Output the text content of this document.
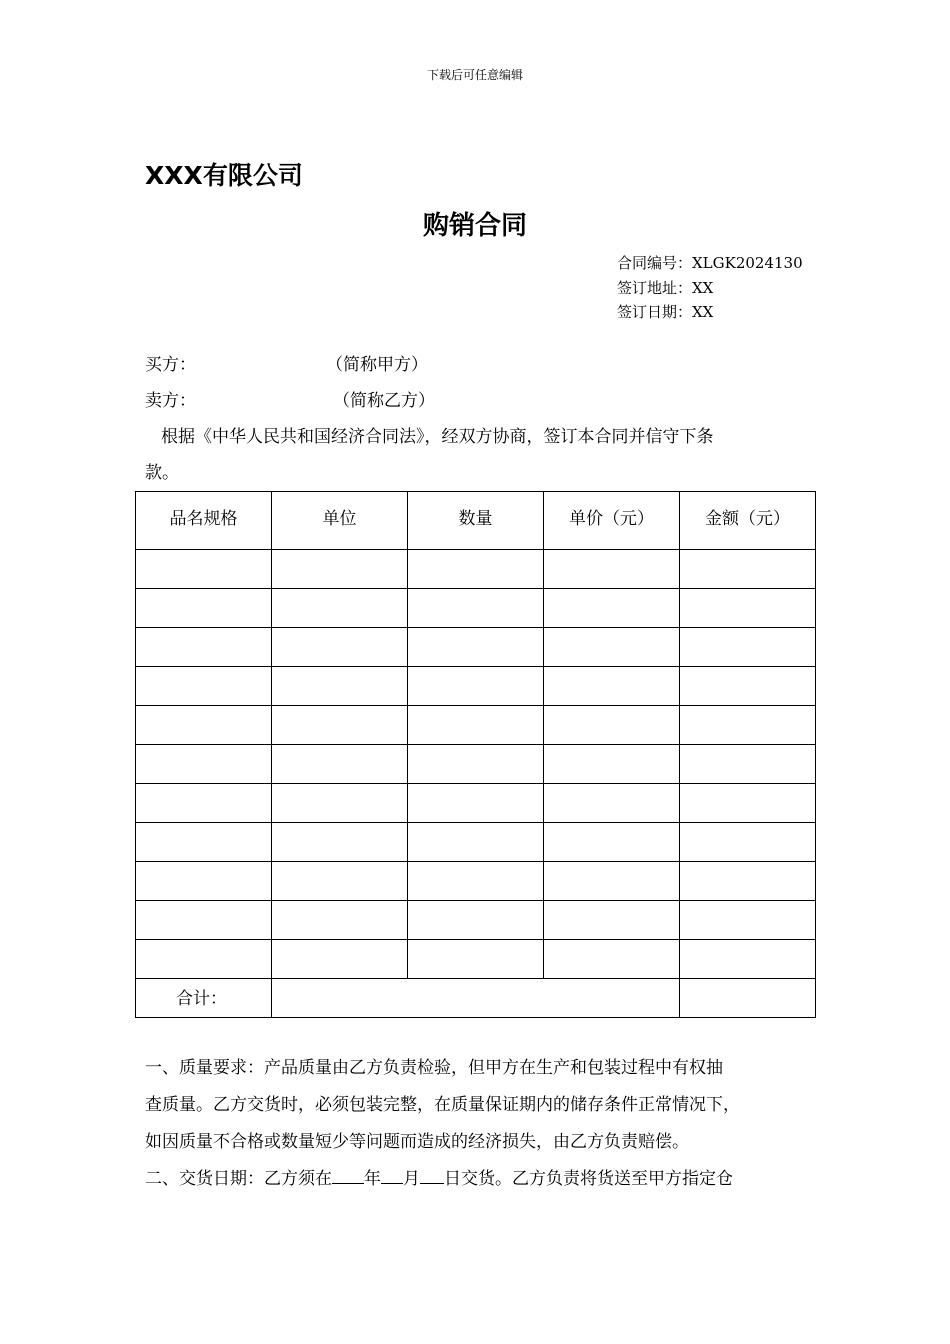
下载后可任意编辑
XXX有限公司
购销合同
合同编号：XLGK2024130
签订地址：XX
签订日期：XX
买方：	（简称甲方）
卖方：	（简称乙方）
根据《中华人民共和国经济合同法》，经双方协商，签订本合同并信守下条
款。
品名规格	单位	数量	单价（元）	金额（元）

合计：				
一、质量要求：产品质量由乙方负责检验，但甲方在生产和包装过程中有权抽
查质量。乙方交货时，必须包装完整，在质量保证期内的储存条件正常情况下，
如因质量不合格或数量短少等问题而造成的经济损失，由乙方负责赔偿。
二、交货日期：乙方须在 年 月 日交货。乙方负责将货送至甲方指定仓
